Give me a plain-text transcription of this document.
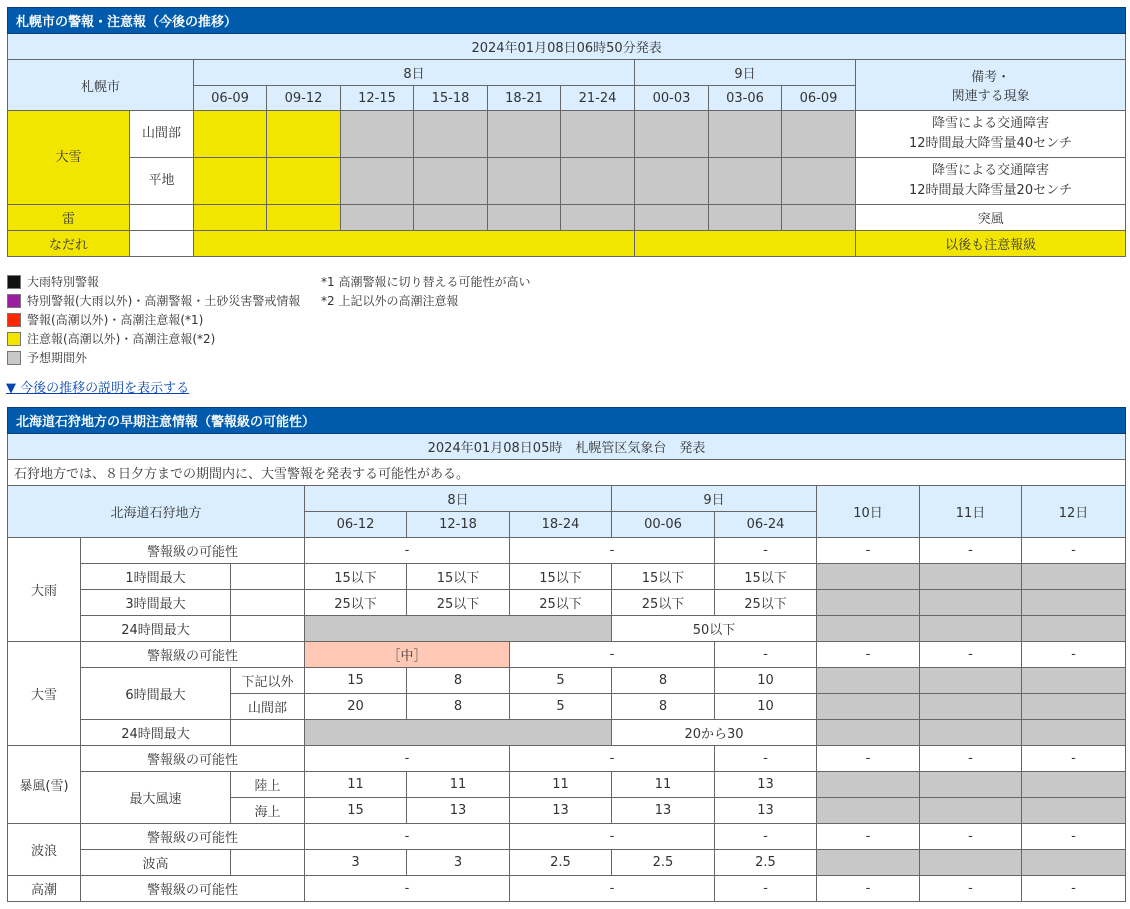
札幌市の警報・注意報（今後の推移）											
2024年01月08日06時50分発表											
札幌市		8日						9日			備考・
関連する現象

		06-09	09-12	12-15	15-18	18-21	21-24	00-03	03-06	06-09	
大雪	山間部										降雪による交通障害
12時間最大降雪量40センチ

	平地										降雪による交通障害
12時間最大降雪量20センチ

雷											突風
なだれ											以後も注意報級
大雨特別警報
特別警報(大雨以外)・高潮警報・土砂災害警戒情報
警報(高潮以外)・高潮注意報(*1)
注意報(高潮以外)・高潮注意報(*2)
予想期間外
*1 高潮警報に切り替える可能性が高い
*2 上記以外の高潮注意報
▼ 今後の推移の説明を表示する
北海道石狩地方の早期注意情報（警報級の可能性）										
2024年01月08日05時　札幌管区気象台　発表										
石狩地方では、８日夕方までの期間内に、大雪警報を発表する可能性がある。										
北海道石狩地方			8日			9日		10日	11日	12日
			06-12	12-18	18-24	00-06	06-24			
大雨	警報級の可能性		-		-		-	-	-	-
	1時間最大		15以下	15以下	15以下	15以下	15以下			
	3時間最大		25以下	25以下	25以下	25以下	25以下			
	24時間最大					50以下				
大雪	警報級の可能性		［中］		-		-	-	-	-
	6時間最大	下記以外	15	8	5	8	10			
		山間部	20	8	5	8	10			
	24時間最大					20から30				
暴風(雪)	警報級の可能性		-		-		-	-	-	-
	最大風速	陸上	11	11	11	11	13			
		海上	15	13	13	13	13			
波浪	警報級の可能性		-		-		-	-	-	-
	波高		3	3	2.5	2.5	2.5			
高潮	警報級の可能性		-		-		-	-	-	-
